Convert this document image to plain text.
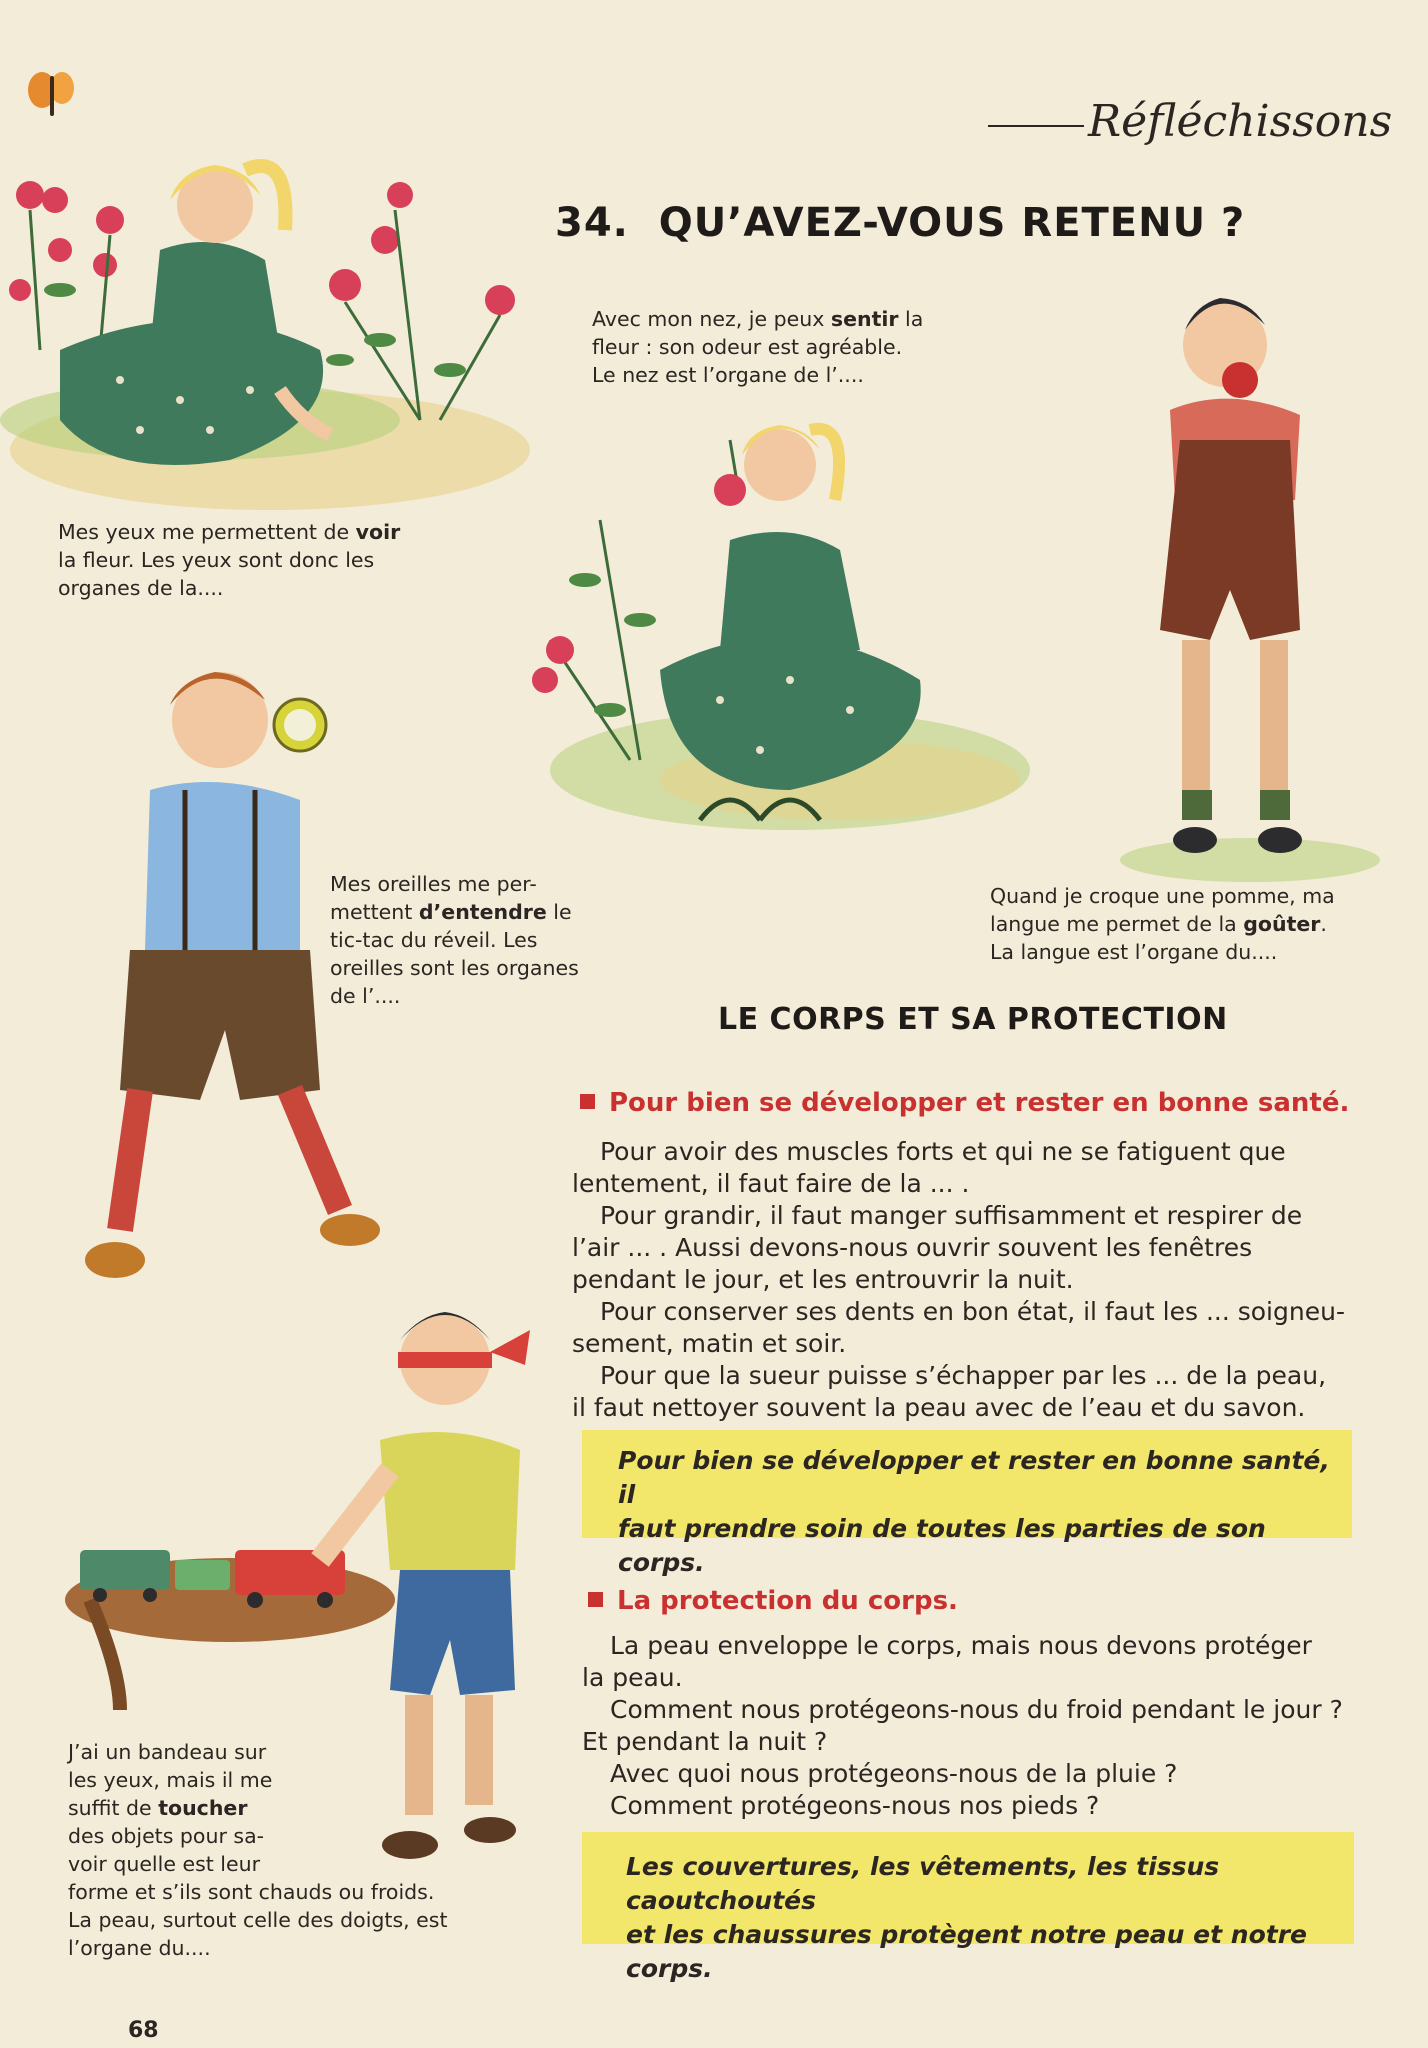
Réfléchissons
34. QU’AVEZ-VOUS RETENU ?
Mes yeux me permettent de voir
la fleur. Les yeux sont donc les
organes de la....
Avec mon nez, je peux sentir la
fleur : son odeur est agréable.
Le nez est l’organe de l’....
Mes oreilles me per-
mettent d’entendre le
tic-tac du réveil. Les
oreilles sont les organes
de l’....
Quand je croque une pomme, ma
langue me permet de la goûter.
La langue est l’organe du....
J’ai un bandeau sur
les yeux, mais il me
suffit de toucher
des objets pour sa-
voir quelle est leur
forme et s’ils sont chauds ou froids.
La peau, surtout celle des doigts, est
l’organe du....
LE CORPS ET SA PROTECTION
Pour bien se développer et rester en bonne santé.
Pour avoir des muscles forts et qui ne se fatiguent que
lentement, il faut faire de la ... .
Pour grandir, il faut manger suffisamment et respirer de
l’air ... . Aussi devons-nous ouvrir souvent les fenêtres
pendant le jour, et les entrouvrir la nuit.
Pour conserver ses dents en bon état, il faut les ... soigneu-
sement, matin et soir.
Pour que la sueur puisse s’échapper par les ... de la peau,
il faut nettoyer souvent la peau avec de l’eau et du savon.
Pour bien se développer et rester en bonne santé, il
faut prendre soin de toutes les parties de son corps.
La protection du corps.
La peau enveloppe le corps, mais nous devons protéger
la peau.
Comment nous protégeons-nous du froid pendant le jour ?
Et pendant la nuit ?
Avec quoi nous protégeons-nous de la pluie ?
Comment protégeons-nous nos pieds ?
Les couvertures, les vêtements, les tissus caoutchoutés
et les chaussures protègent notre peau et notre corps.
68
